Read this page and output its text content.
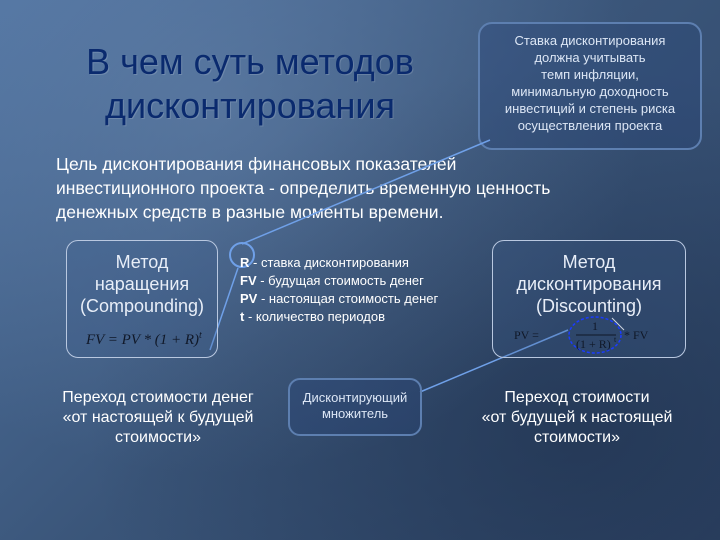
В чем суть методов
дисконтирования
Ставка дисконтирования
должна учитывать
темп инфляции,
минимальную доходность
инвестиций и степень риска
осуществления проекта
Цель дисконтирования финансовых показателей
инвестиционного проекта - определить временную ценность
денежных средств в разные моменты времени.
Метод
наращения
(Compounding)
FV = PV * $(1 + R)^t$
R - ставка дисконтирования
FV - будущая стоимость денег
PV - настоящая стоимость денег
t - количество периодов
Метод
дисконтирования
(Discounting)
PV =
1
(1 + R) t * FV
Дисконтирующий
множитель
Переход стоимости денег
«от настоящей к будущей
стоимости»
Переход стоимости
«от будущей к настоящей
стоимости»
